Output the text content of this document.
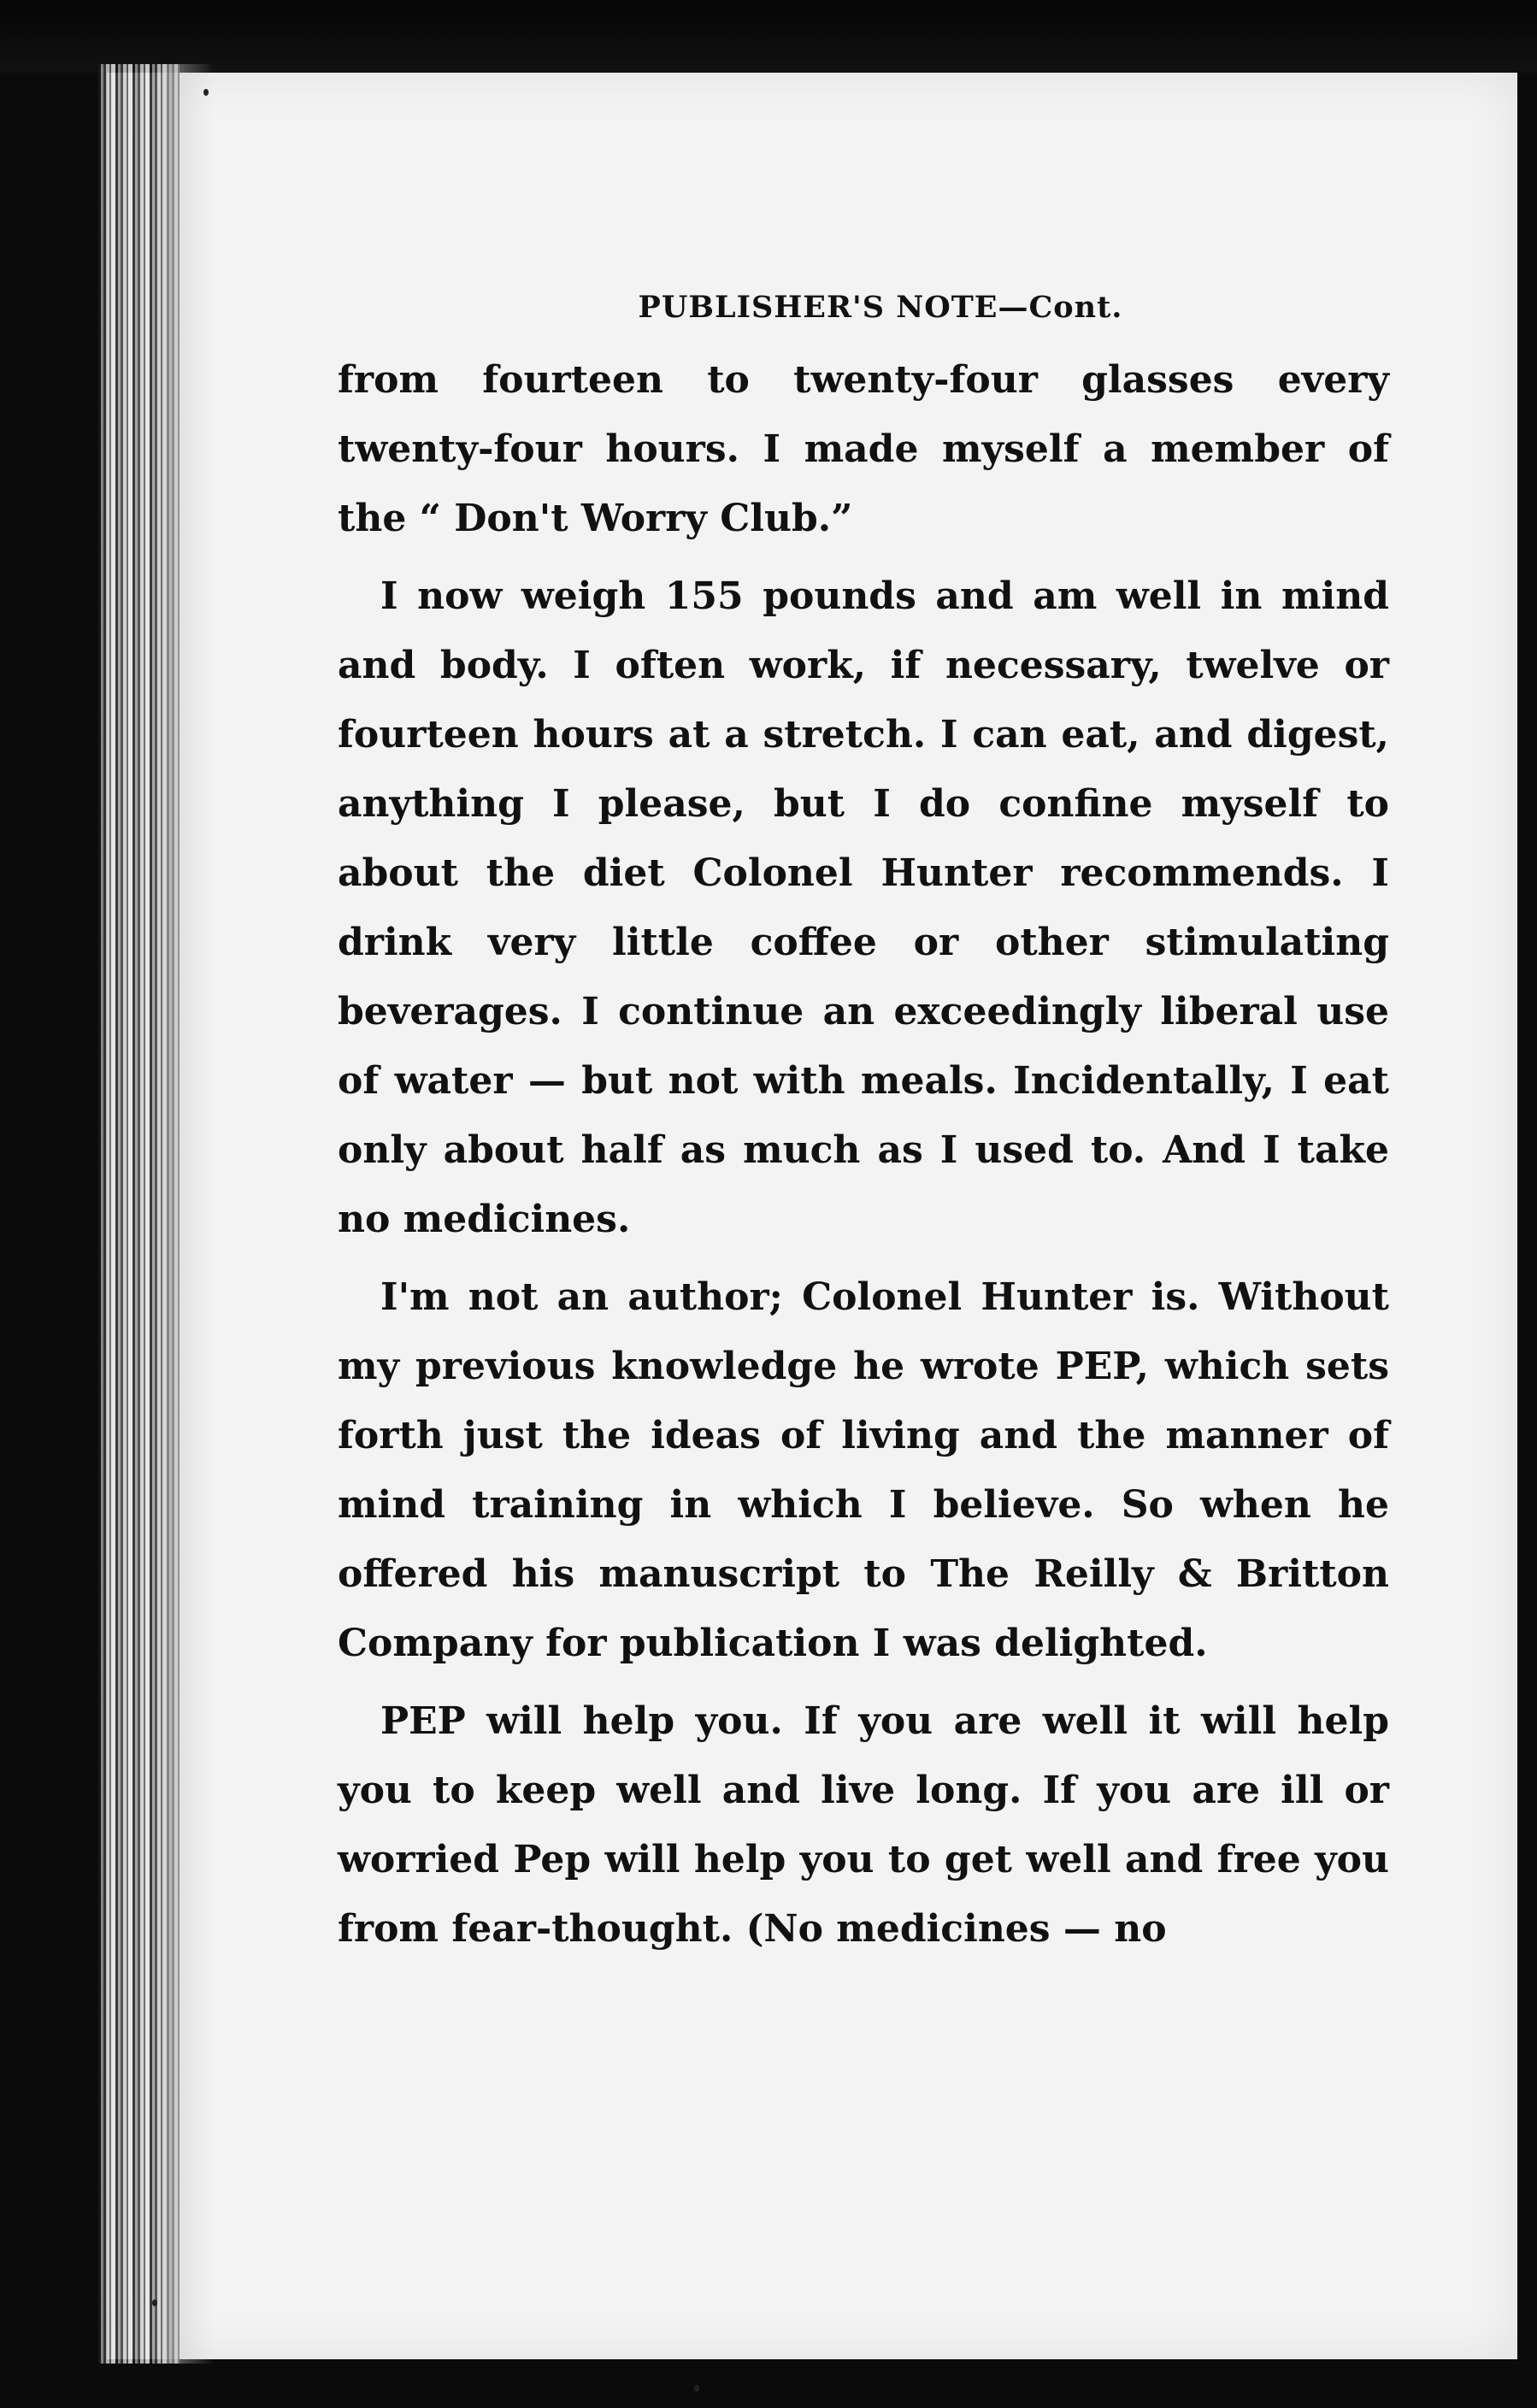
PUBLISHER'S NOTE—Cont.

from fourteen to twenty-four glasses every twenty-four hours. I made myself a member of the “ Don't Worry Club.”

I now weigh 155 pounds and am well in mind and body. I often work, if necessary, twelve or fourteen hours at a stretch. I can eat, and digest, anything I please, but I do confine myself to about the diet Colonel Hunter recommends. I drink very little coffee or other stimulating beverages. I continue an exceedingly liberal use of water — but not with meals. Incidentally, I eat only about half as much as I used to. And I take no medicines.

I'm not an author; Colonel Hunter is. Without my previous knowledge he wrote PEP, which sets forth just the ideas of living and the manner of mind training in which I believe. So when he offered his manuscript to The Reilly & Britton Company for publication I was delighted.

PEP will help you. If you are well it will help you to keep well and live long. If you are ill or worried Pep will help you to get well and free you from fear-thought. (No medicines — no
